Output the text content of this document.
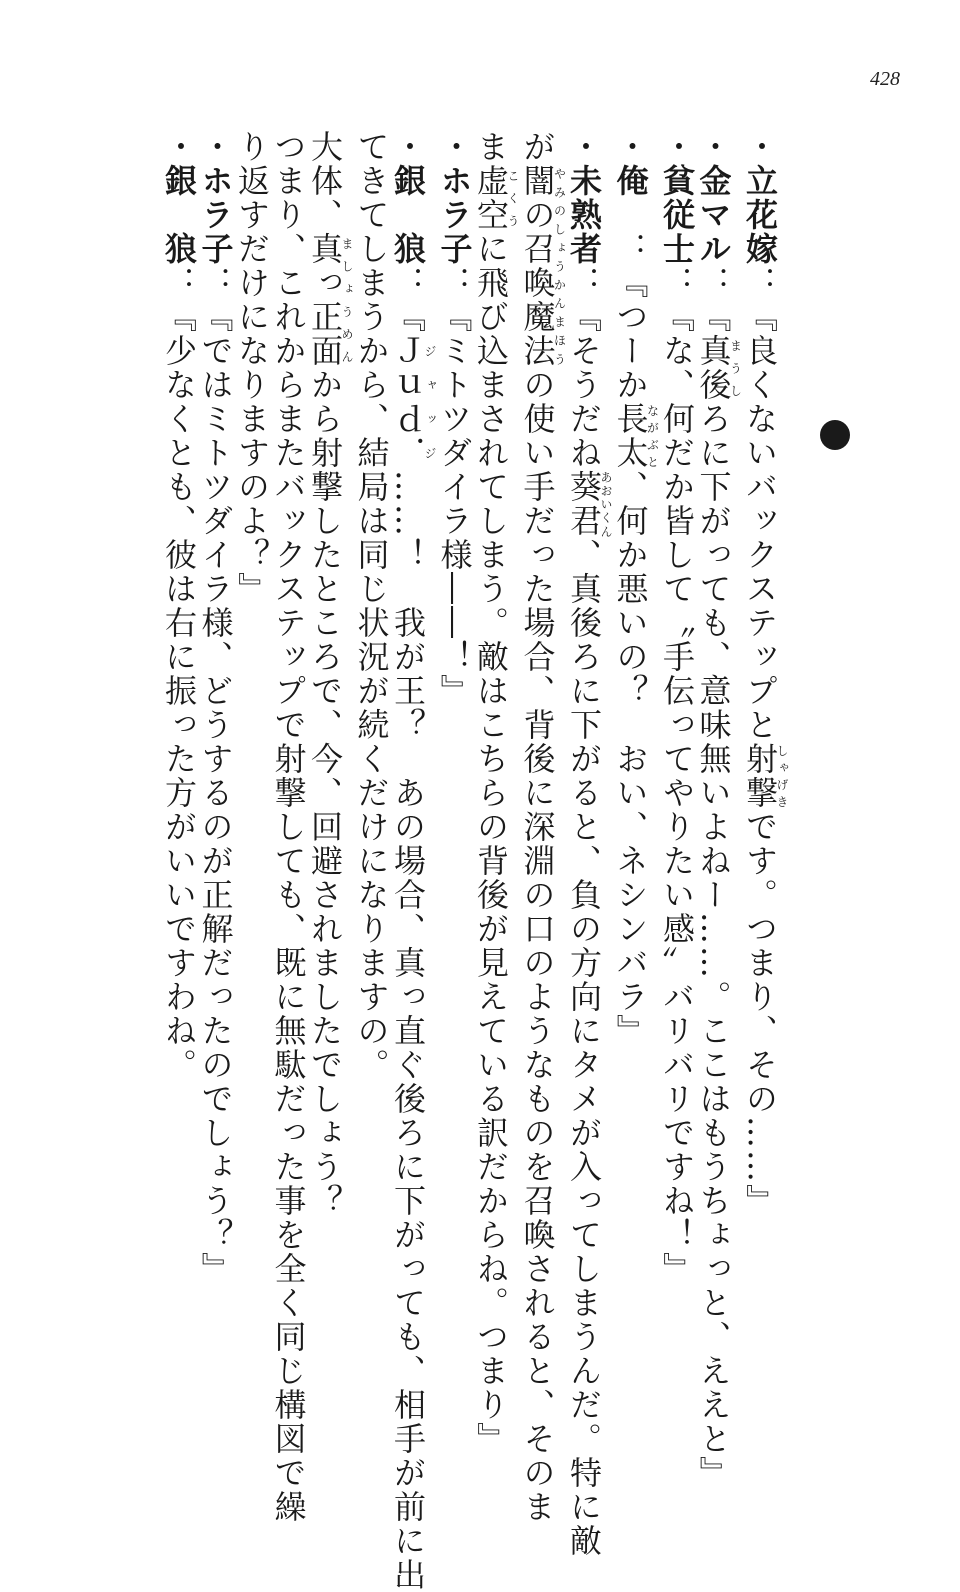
428
・立花嫁：『良くないバックステップと射撃しゃげきです。つまり、その……』
・金マル：『真後まうしろに下がっても、意味無いよねー……。ここはもうちょっと、ええと』
・貧従士：『な、何だか皆して〝手伝ってやりたい感〟バリバリですね！』
・俺　：『つーか長太ながぶと、何か悪いの？　おい、ネシンバラ』
・未熟者：『そうだね葵君あおいくん、真後ろに下がると、負の方向にタメが入ってしまうんだ。特に敵
が闇の召喚魔法やみのしょうかんまほうの使い手だった場合、背後に深淵の口のようなものを召喚されると、そのま
ま虚空こくうに飛び込まされてしまう。敵はこちらの背後が見えている訳だからね。つまり』
・ホラ子：『ミトツダイラ様――！』
・銀　狼：『Ｊｕｄ．ジャッジ……！　我が王？　あの場合、真っ直ぐ後ろに下がっても、相手が前に出
てきてしまうから、結局は同じ状況が続くだけになりますの。
大体、真っ正面ましょうめんから射撃したところで、今、回避されましたでしょう？
つまり、これからまたバックステップで射撃しても、既に無駄だった事を全く同じ構図で繰
り返すだけになりますのよ？』
・ホラ子：『ではミトツダイラ様、どうするのが正解だったのでしょう？』
・銀　狼：『少なくとも、彼は右に振った方がいいですわね。
